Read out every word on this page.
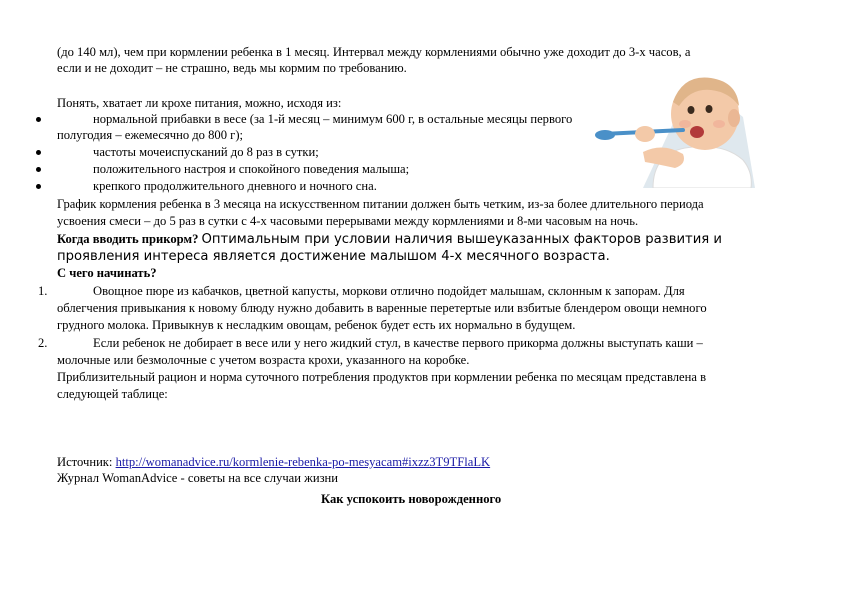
(до 140 мл), чем при кормлении ребенка в 1 месяц. Интервал между кормлениями обычно уже доходит до 3-х часов, а
если и не доходит – не страшно, ведь мы кормим по требованию.
Понять, хватает ли крохе питания, можно, исходя из:
нормальной прибавки в весе (за 1-й месяц – минимум 600 г, в остальные месяцы первого
полугодия – ежемесячно до 800 г);
частоты мочеиспусканий до 8 раз в сутки;
положительного настроя и спокойного поведения малыша;
крепкого продолжительного дневного и ночного сна.
График кормления ребенка в 3 месяца на искусственном питании должен быть четким, из-за более длительного периода
усвоения смеси – до 5 раз в сутки с 4-х часовыми перерывами между кормлениями и 8-ми часовым на ночь.
Когда вводить прикорм? Оптимальным при условии наличия вышеуказанных факторов развития и
проявления интереса является достижение малышом 4-х месячного возраста.
С чего начинать?
1.	Овощное пюре из кабачков, цветной капусты, моркови отлично подойдет малышам, склонным к запорам. Для
облегчения привыкания к новому блюду нужно добавить в варенные перетертые или взбитые блендером овощи немного
грудного молока. Привыкнув к несладким овощам, ребенок будет есть их нормально в будущем.
2.	Если ребенок не добирает в весе или у него жидкий стул, в качестве первого прикорма должны выступать каши –
молочные или безмолочные с учетом возраста крохи, указанного на коробке.
Приблизительный рацион и норма суточного потребления продуктов при кормлении ребенка по месяцам представлена в
следующей таблице:
Источник: http://womanadvice.ru/kormlenie-rebenka-po-mesyacam#ixzz3T9TFlaLK
Журнал WomanAdvice - советы на все случаи жизни
Как успокоить новорожденного
